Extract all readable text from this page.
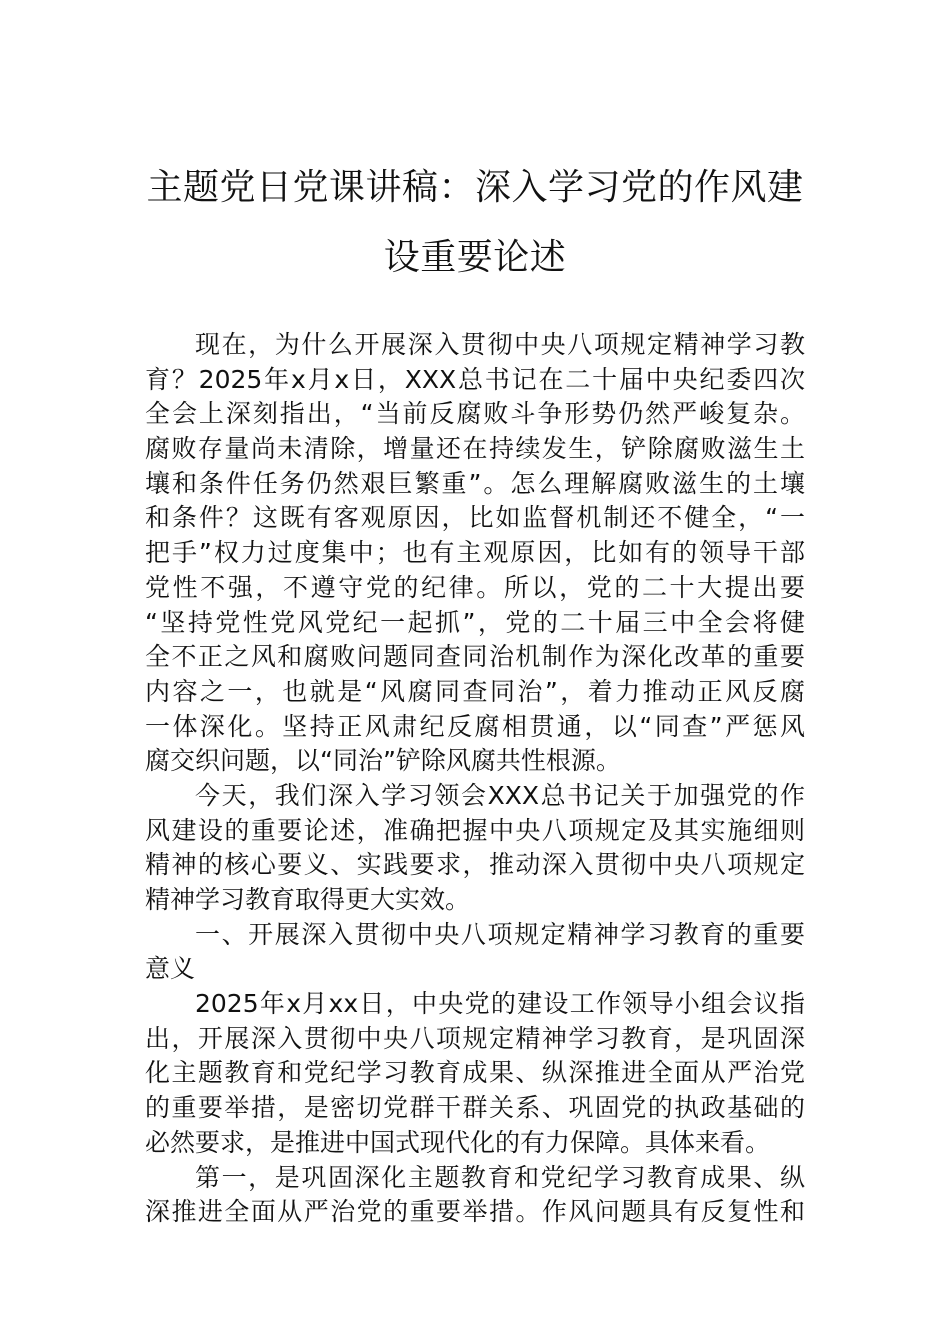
主题党日党课讲稿：深入学习党的作风建
设重要论述
现在，为什么开展深入贯彻中央八项规定精神学习教
育？2025年x月x日，XXX总书记在二十届中央纪委四次
全会上深刻指出，“当前反腐败斗争形势仍然严峻复杂。
腐败存量尚未清除，增量还在持续发生，铲除腐败滋生土
壤和条件任务仍然艰巨繁重”。怎么理解腐败滋生的土壤
和条件？这既有客观原因，比如监督机制还不健全，“一
把手”权力过度集中；也有主观原因，比如有的领导干部
党性不强，不遵守党的纪律。所以，党的二十大提出要
“坚持党性党风党纪一起抓”，党的二十届三中全会将健
全不正之风和腐败问题同查同治机制作为深化改革的重要
内容之一，也就是“风腐同查同治”，着力推动正风反腐
一体深化。坚持正风肃纪反腐相贯通，以“同查”严惩风
腐交织问题，以“同治”铲除风腐共性根源。
今天，我们深入学习领会XXX总书记关于加强党的作
风建设的重要论述，准确把握中央八项规定及其实施细则
精神的核心要义、实践要求，推动深入贯彻中央八项规定
精神学习教育取得更大实效。
一、开展深入贯彻中央八项规定精神学习教育的重要
意义
2025年x月xx日，中央党的建设工作领导小组会议指
出，开展深入贯彻中央八项规定精神学习教育，是巩固深
化主题教育和党纪学习教育成果、纵深推进全面从严治党
的重要举措，是密切党群干群关系、巩固党的执政基础的
必然要求，是推进中国式现代化的有力保障。具体来看。
第一，是巩固深化主题教育和党纪学习教育成果、纵
深推进全面从严治党的重要举措。作风问题具有反复性和
